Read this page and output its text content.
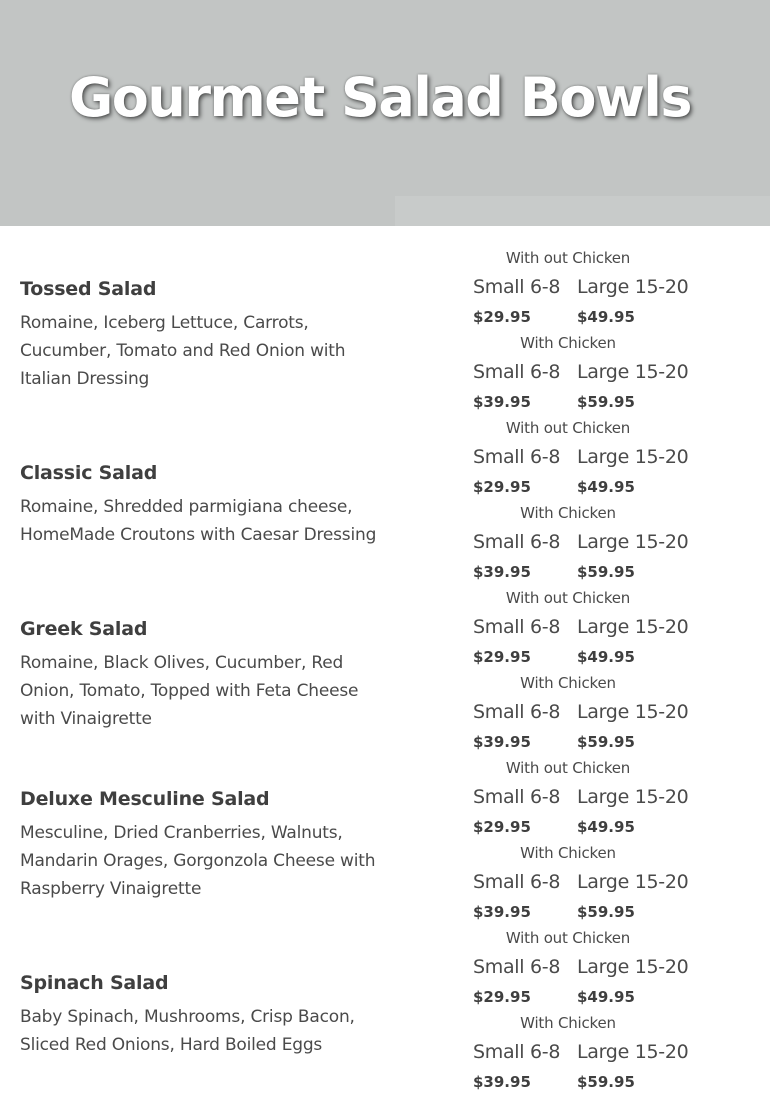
Gourmet Salad Bowls
Tossed Salad
Romaine, Iceberg Lettuce, Carrots, Cucumber, Tomato and Red Onion with Italian Dressing
Classic Salad
Romaine, Shredded parmigiana cheese, HomeMade Croutons with Caesar Dressing
Greek Salad
Romaine, Black Olives, Cucumber, Red Onion, Tomato, Topped with Feta Cheese with Vinaigrette
Deluxe Mesculine Salad
Mesculine, Dried Cranberries, Walnuts, Mandarin Orages, Gorgonzola Cheese with Raspberry Vinaigrette
Spinach Salad
Baby Spinach, Mushrooms, Crisp Bacon, Sliced Red Onions, Hard Boiled Eggs
With out Chicken
Small 6-8 Large 15-20
$29.95	$49.95
With Chicken
Small 6-8 Large 15-20
$39.95	$59.95
With out Chicken
Small 6-8 Large 15-20
$29.95	$49.95
With Chicken
Small 6-8 Large 15-20
$39.95	$59.95
With out Chicken
Small 6-8 Large 15-20
$29.95	$49.95
With Chicken
Small 6-8 Large 15-20
$39.95	$59.95
With out Chicken
Small 6-8 Large 15-20
$29.95	$49.95
With Chicken
Small 6-8 Large 15-20
$39.95	$59.95
With out Chicken
Small 6-8 Large 15-20
$29.95	$49.95
With Chicken
Small 6-8 Large 15-20
$39.95	$59.95
